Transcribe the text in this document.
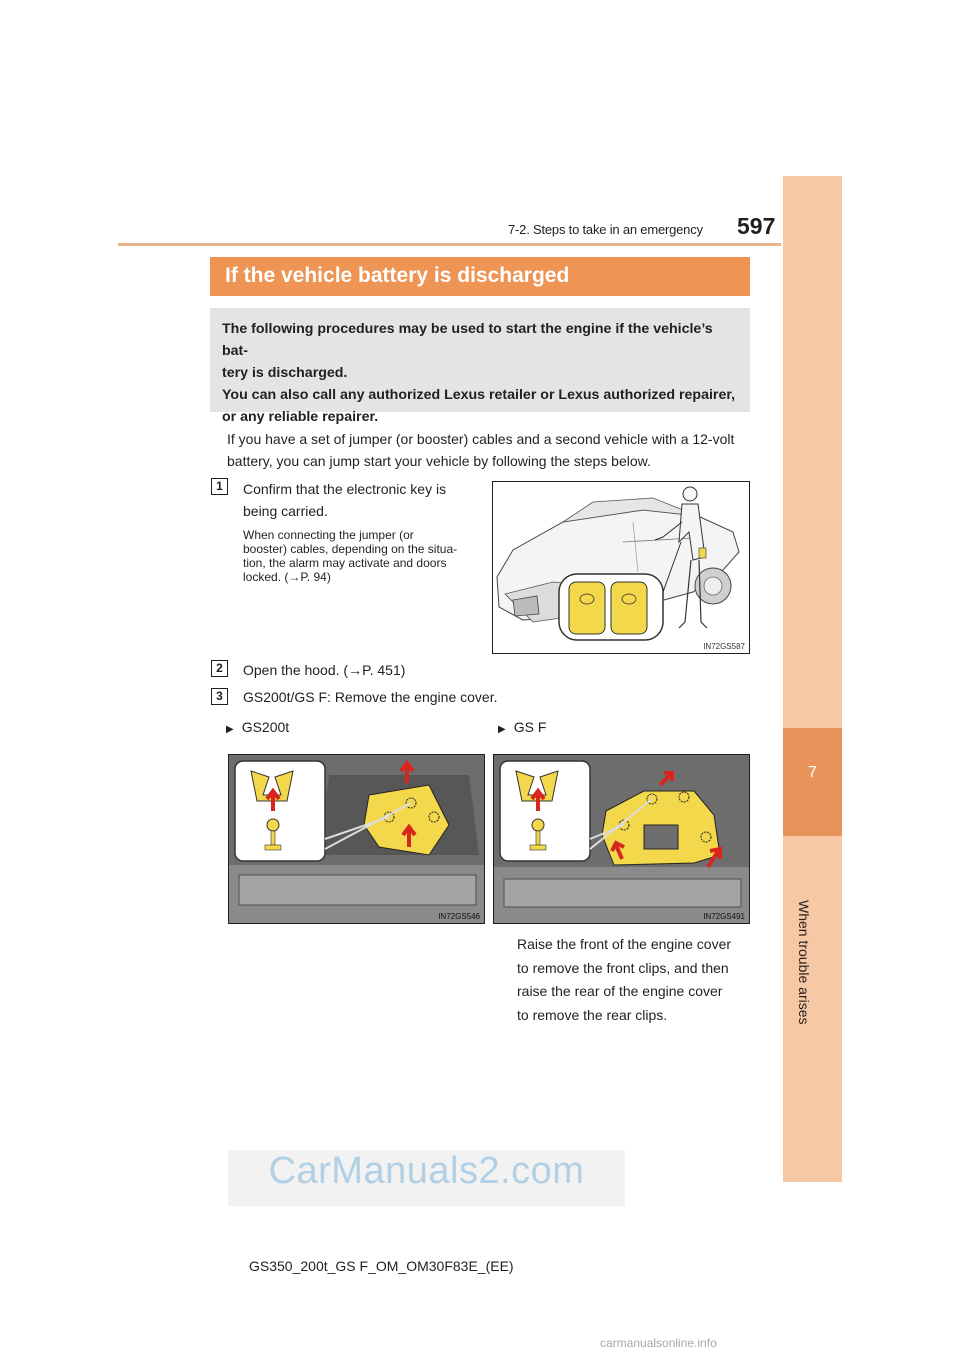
7-2. Steps to take in an emergency 597
7
When trouble arises
If the vehicle battery is discharged

The following procedures may be used to start the engine if the vehicle’s bat-

tery is discharged.

You can also call any authorized Lexus retailer or Lexus authorized repairer,

or any reliable repairer.

If you have a set of jumper (or booster) cables and a second vehicle with a 12-volt
battery, you can jump start your vehicle by following the steps below.
1	Confirm that the electronic key is
being carried.
When connecting the jumper (or
booster) cables, depending on the situa-
tion, the alarm may activate and doors
locked. (→P. 94)
IN72GS587
2	Open the hood. (→P. 451)
3	GS200t/GS F: Remove the engine cover.
▶ GS200t	▶ GS F
IN72GS546	IN72GS491
Raise the front of the engine cover
to remove the front clips, and then
raise the rear of the engine cover
to remove the rear clips.
CarManuals2.com
GS350_200t_GS F_OM_OM30F83E_(EE)
carmanualsonline.info
